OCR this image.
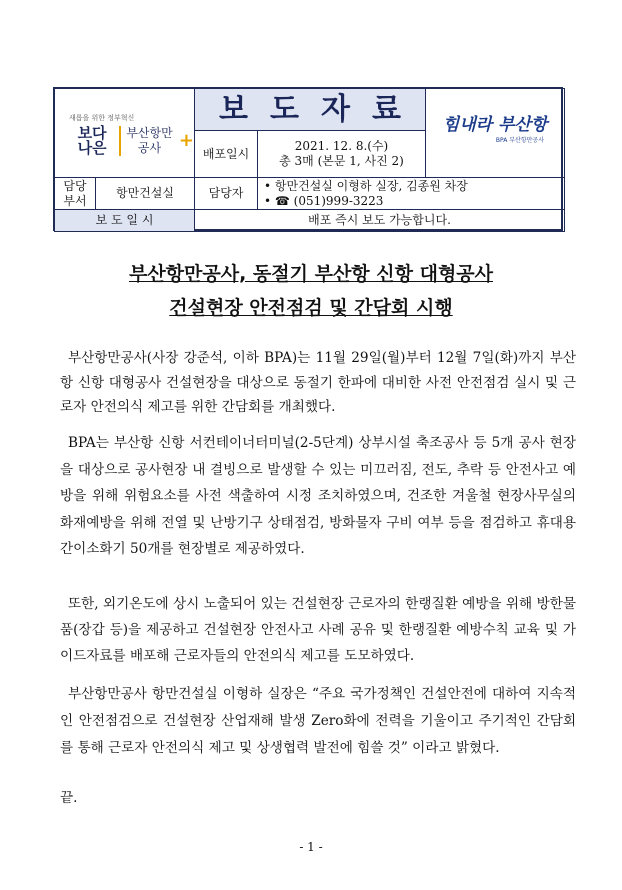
새롭을 위한 정부혁신
보다 나은
부산항만공사 +
보도자료 힘내라 부산항
BPA 부산항만공사
배포일시
2021. 12. 8.(수)
총 3매 (본문 1, 사진 2)
담당 부서
항만건설실	담당자
• 항만건설실 이형하 실장, 김종원 차장
• ☎ (051)999-3223
보 도 일 시	배포 즉시 보도 가능합니다.
부산항만공사, 동절기 부산항 신항 대형공사
건설현장 안전점검 및 간담회 시행

부산항만공사(사장 강준석, 이하 BPA)는 11월 29일(월)부터 12월 7일(화)까지 부산항 신항 대형공사 건설현장을 대상으로 동절기 한파에 대비한 사전 안전점검 실시 및 근로자 안전의식 제고를 위한 간담회를 개최했다.

BPA는 부산항 신항 서컨테이너터미널(2-5단계) 상부시설 축조공사 등 5개 공사 현장을 대상으로 공사현장 내 결빙으로 발생할 수 있는 미끄러짐, 전도, 추락 등 안전사고 예방을 위해 위험요소를 사전 색출하여 시정 조치하였으며, 건조한 겨울철 현장사무실의 화재예방을 위해 전열 및 난방기구 상태점검, 방화물자 구비 여부 등을 점검하고 휴대용 간이소화기 50개를 현장별로 제공하였다.

또한, 외기온도에 상시 노출되어 있는 건설현장 근로자의 한랭질환 예방을 위해 방한물품(장갑 등)을 제공하고 건설현장 안전사고 사례 공유 및 한랭질환 예방수칙 교육 및 가이드자료를 배포해 근로자들의 안전의식 제고를 도모하였다.

부산항만공사 항만건설실 이형하 실장은 “주요 국가정책인 건설안전에 대하여 지속적인 안전점검으로 건설현장 산업재해 발생 Zero화에 전력을 기울이고 주기적인 간담회를 통해 근로자 안전의식 제고 및 상생협력 발전에 힘쓸 것” 이라고 밝혔다.

끝.

- 1 -
